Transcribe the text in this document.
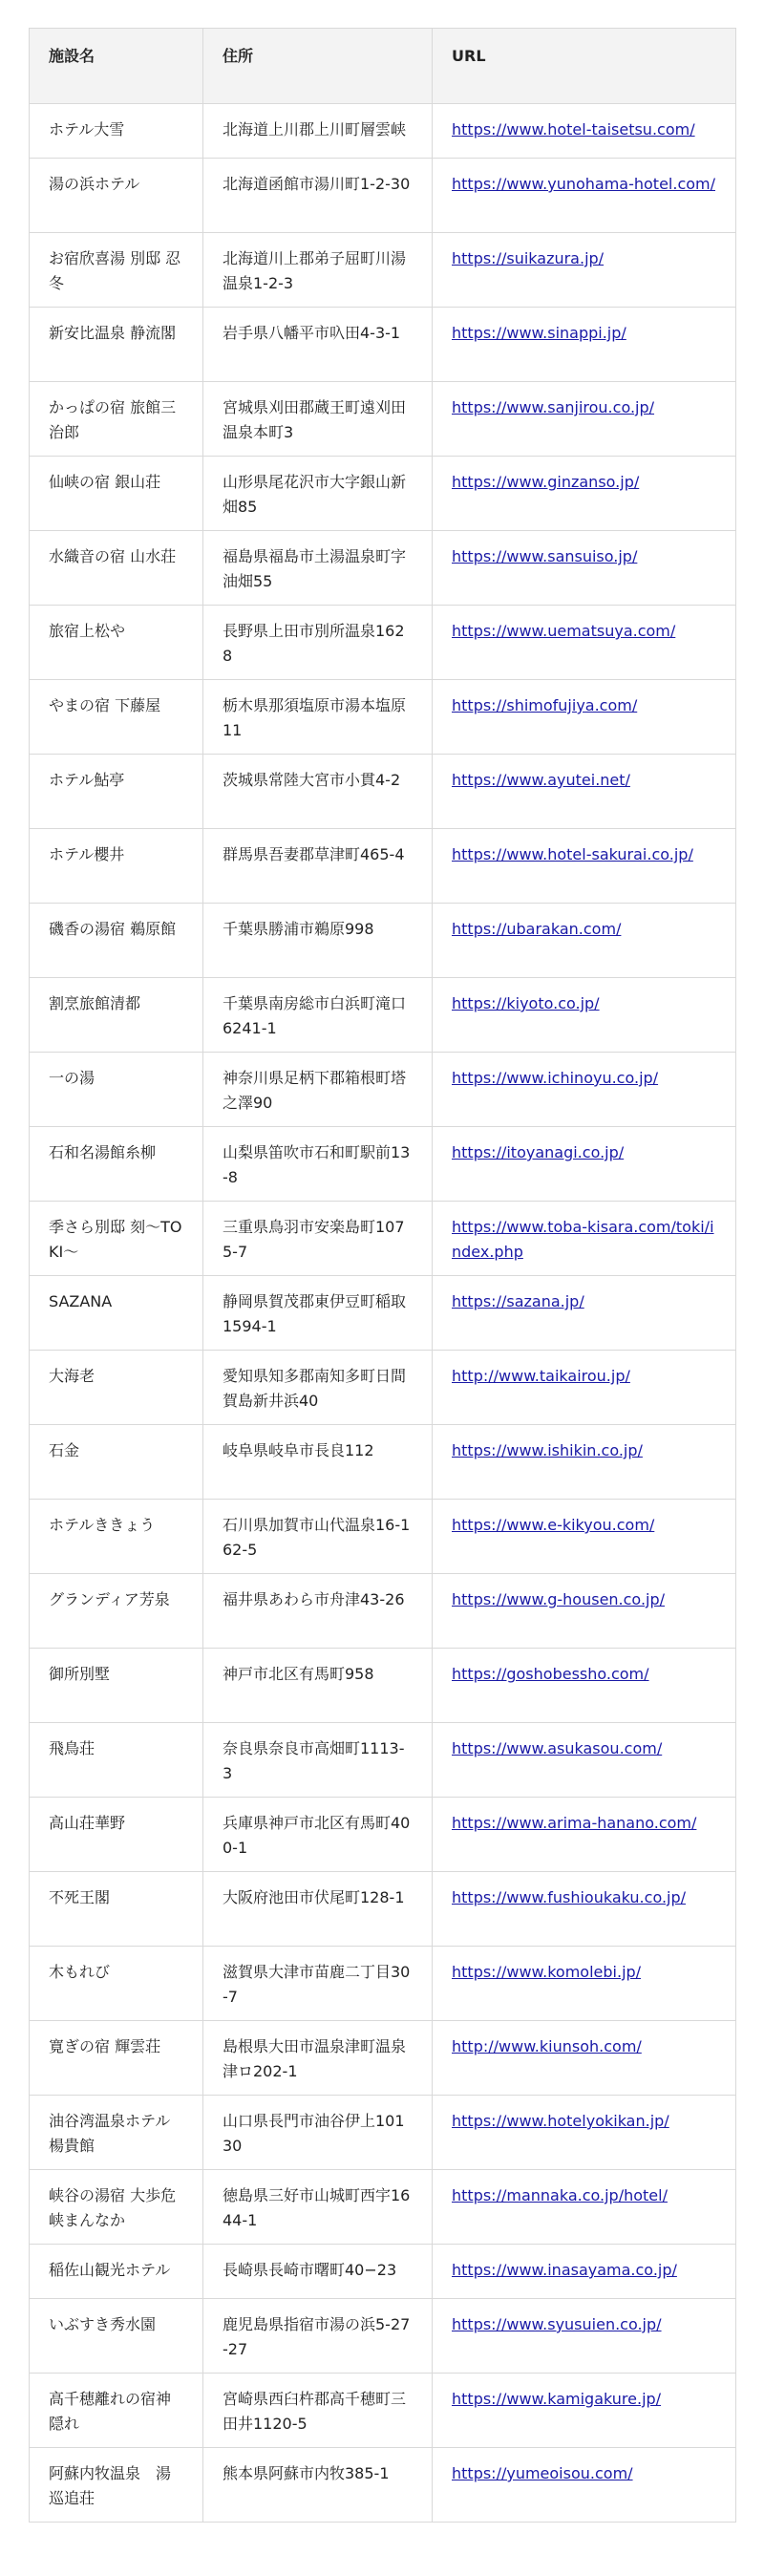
施設名	住所	URL
ホテル大雪	北海道上川郡上川町層雲峡	https://www.hotel-taisetsu.com/
湯の浜ホテル	北海道函館市湯川町1-2-30	https://www.yunohama-hotel.com/
お宿欣喜湯 別邸 忍冬	北海道川上郡弟子屈町川湯温泉1-2-3	https://suikazura.jp/
新安比温泉 静流閣	岩手県八幡平市叺田4-3-1	https://www.sinappi.jp/
かっぱの宿 旅館三治郎	宮城県刈田郡蔵王町遠刈田温泉本町3	https://www.sanjirou.co.jp/
仙峡の宿 銀山荘	山形県尾花沢市大字銀山新畑85	https://www.ginzanso.jp/
水織音の宿 山水荘	福島県福島市土湯温泉町字油畑55	https://www.sansuiso.jp/
旅宿上松や	長野県上田市別所温泉1628	https://www.uematsuya.com/
やまの宿 下藤屋	栃木県那須塩原市湯本塩原11	https://shimofujiya.com/
ホテル鮎亭	茨城県常陸大宮市小貫4-2	https://www.ayutei.net/
ホテル櫻井	群馬県吾妻郡草津町465-4	https://www.hotel-sakurai.co.jp/
磯香の湯宿 鵜原館	千葉県勝浦市鵜原998	https://ubarakan.com/
割烹旅館清都	千葉県南房総市白浜町滝口6241-1	https://kiyoto.co.jp/
一の湯	神奈川県足柄下郡箱根町塔之澤90	https://www.ichinoyu.co.jp/
石和名湯館糸柳	山梨県笛吹市石和町駅前13-8	https://itoyanagi.co.jp/
季さら別邸 刻〜TOKI〜	三重県鳥羽市安楽島町1075-7	https://www.toba-kisara.com/toki/index.php
SAZANA	静岡県賀茂郡東伊豆町稲取1594-1	https://sazana.jp/
大海老	愛知県知多郡南知多町日間賀島新井浜40	http://www.taikairou.jp/
石金	岐阜県岐阜市長良112	https://www.ishikin.co.jp/
ホテルききょう	石川県加賀市山代温泉16-162-5	https://www.e-kikyou.com/
グランディア芳泉	福井県あわら市舟津43-26	https://www.g-housen.co.jp/
御所別墅	神戸市北区有馬町958	https://goshobessho.com/
飛鳥荘	奈良県奈良市高畑町1113-3	https://www.asukasou.com/
高山荘華野	兵庫県神戸市北区有馬町400-1	https://www.arima-hanano.com/
不死王閣	大阪府池田市伏尾町128-1	https://www.fushioukaku.co.jp/
木もれび	滋賀県大津市苗鹿二丁目30-7	https://www.komolebi.jp/
寛ぎの宿 輝雲荘	島根県大田市温泉津町温泉津ロ202-1	http://www.kiunsoh.com/
油谷湾温泉ホテル楊貴館	山口県長門市油谷伊上10130	https://www.hotelyokikan.jp/
峡谷の湯宿 大歩危峡まんなか	徳島県三好市山城町西宇1644-1	https://mannaka.co.jp/hotel/
稲佐山観光ホテル	長崎県長崎市曙町40−23	https://www.inasayama.co.jp/
いぶすき秀水園	鹿児島県指宿市湯の浜5-27-27	https://www.syusuien.co.jp/
高千穂離れの宿神隠れ	宮崎県西臼杵郡高千穂町三田井1120-5	https://www.kamigakure.jp/
阿蘇内牧温泉　湯巡追荘	熊本県阿蘇市内牧385-1	https://yumeoisou.com/
